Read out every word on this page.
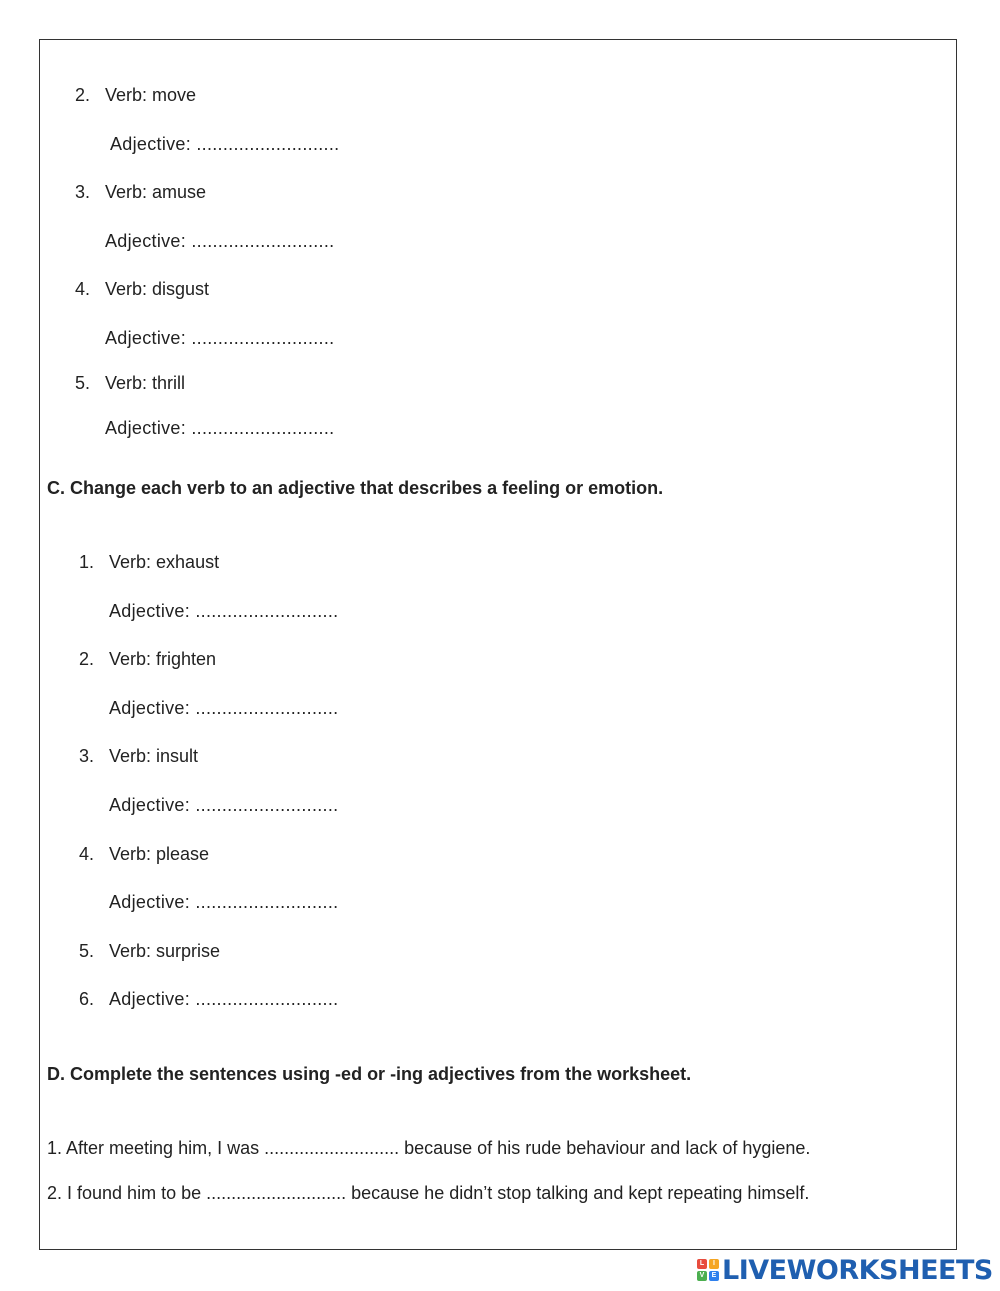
2. Verb: move
Adjective: ...........................
3. Verb: amuse
Adjective: ...........................
4. Verb: disgust
Adjective: ...........................
5. Verb: thrill
Adjective: ...........................
C. Change each verb to an adjective that describes a feeling or emotion.
1. Verb: exhaust
Adjective: ...........................
2. Verb: frighten
Adjective: ...........................
3. Verb: insult
Adjective: ...........................
4. Verb: please
Adjective: ...........................
5. Verb: surprise
6. Adjective: ...........................
D. Complete the sentences using -ed or -ing adjectives from the worksheet.
1. After meeting him, I was ........................... because of his rude behaviour and lack of hygiene.
2. I found him to be ............................ because he didn’t stop talking and kept repeating himself.
L	I
V	E LIVEWORKSHEETS
